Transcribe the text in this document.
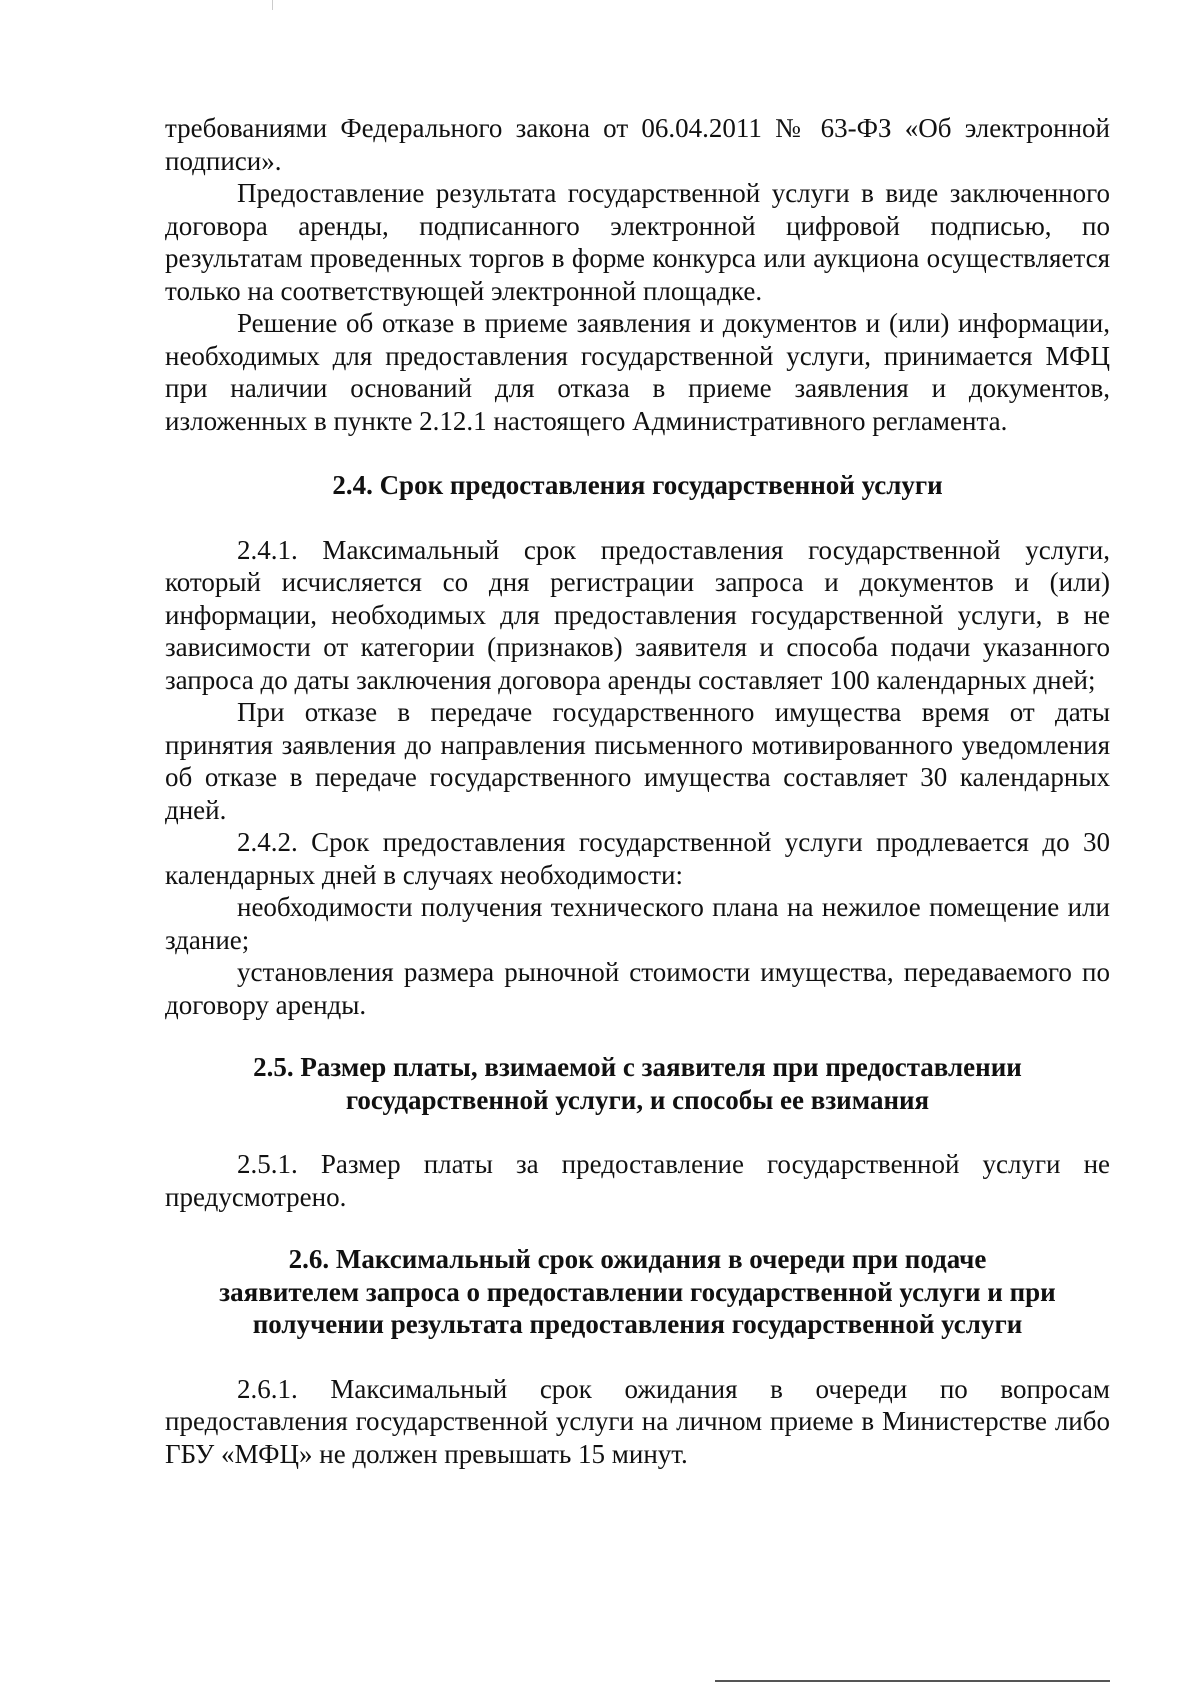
требованиями Федерального закона от 06.04.2011 № 63-ФЗ «Об электронной подписи».

Предоставление результата государственной услуги в виде заключенного договора аренды, подписанного электронной цифровой подписью, по результатам проведенных торгов в форме конкурса или аукциона осуществляется только на соответствующей электронной площадке.

Решение об отказе в приеме заявления и документов и (или) информации, необходимых для предоставления государственной услуги, принимается МФЦ при наличии оснований для отказа в приеме заявления и документов, изложенных в пункте 2.12.1 настоящего Административного регламента.

2.4. Срок предоставления государственной услуги

2.4.1. Максимальный срок предоставления государственной услуги, который исчисляется со дня регистрации запроса и документов и (или) информации, необходимых для предоставления государственной услуги, в не зависимости от категории (признаков) заявителя и способа подачи указанного запроса до даты заключения договора аренды составляет 100 календарных дней;

При отказе в передаче государственного имущества время от даты принятия заявления до направления письменного мотивированного уведомления об отказе в передаче государственного имущества составляет 30 календарных дней.

2.4.2. Срок предоставления государственной услуги продлевается до 30 календарных дней в случаях необходимости:

необходимости получения технического плана на нежилое помещение или здание;

установления размера рыночной стоимости имущества, передаваемого по договору аренды.

2.5. Размер платы, взимаемой с заявителя при предоставлении
государственной услуги, и способы ее взимания

2.5.1. Размер платы за предоставление государственной услуги не предусмотрено.

2.6. Максимальный срок ожидания в очереди при подаче
заявителем запроса о предоставлении государственной услуги и при
получении результата предоставления государственной услуги

2.6.1. Максимальный срок ожидания в очереди по вопросам предоставления государственной услуги на личном приеме в Министерстве либо ГБУ «МФЦ» не должен превышать 15 минут.
